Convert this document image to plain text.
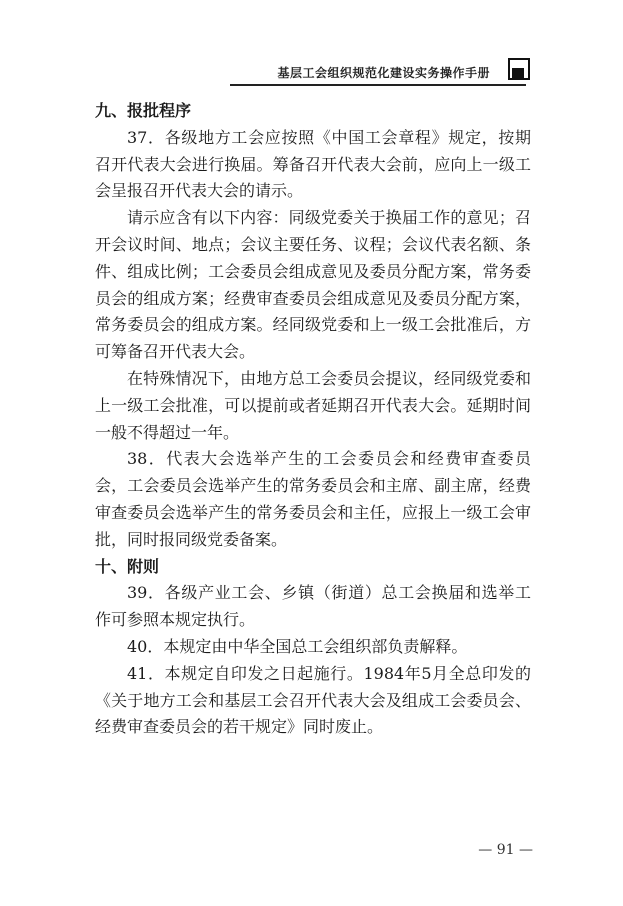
基层工会组织规范化建设实务操作手册

九、报批程序

37．各级地方工会应按照《中国工会章程》规定，按期召开代表大会进行换届。筹备召开代表大会前，应向上一级工会呈报召开代表大会的请示。

请示应含有以下内容：同级党委关于换届工作的意见；召开会议时间、地点；会议主要任务、议程；会议代表名额、条件、组成比例；工会委员会组成意见及委员分配方案，常务委员会的组成方案；经费审查委员会组成意见及委员分配方案，常务委员会的组成方案。经同级党委和上一级工会批准后，方可筹备召开代表大会。

在特殊情况下，由地方总工会委员会提议，经同级党委和上一级工会批准，可以提前或者延期召开代表大会。延期时间一般不得超过一年。

38．代表大会选举产生的工会委员会和经费审查委员会，工会委员会选举产生的常务委员会和主席、副主席，经费审查委员会选举产生的常务委员会和主任，应报上一级工会审批，同时报同级党委备案。

十、附则

39．各级产业工会、乡镇（街道）总工会换届和选举工作可参照本规定执行。

40．本规定由中华全国总工会组织部负责解释。

41．本规定自印发之日起施行。1984年5月全总印发的《关于地方工会和基层工会召开代表大会及组成工会委员会、经费审查委员会的若干规定》同时废止。

— 91 —
